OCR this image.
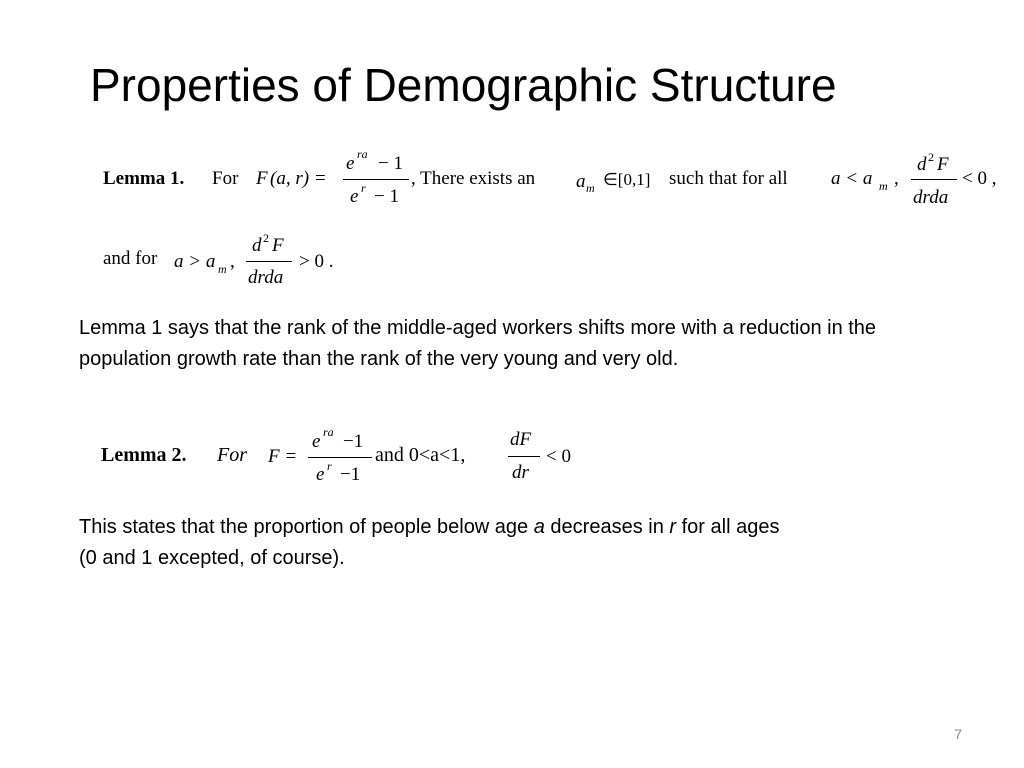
Properties of Demographic Structure
Lemma 1. For F (a, r) =
e ra − 1
e r − 1
, There exists an a m ∈[0,1] such that for all a < a m ,
d 2 F
drda
< 0 ,
and for a > a m ,
d 2 F
drda
> 0 .
Lemma 1 says that the rank of the middle-aged workers shifts more with a reduction in the population growth rate than the rank of the very young and very old.
Lemma 2. For F =
e ra −1
e r −1
and 0<a<1,
dF
dr
< 0
This states that the proportion of people below age a decreases in r for all ages
(0 and 1 excepted, of course).
7
